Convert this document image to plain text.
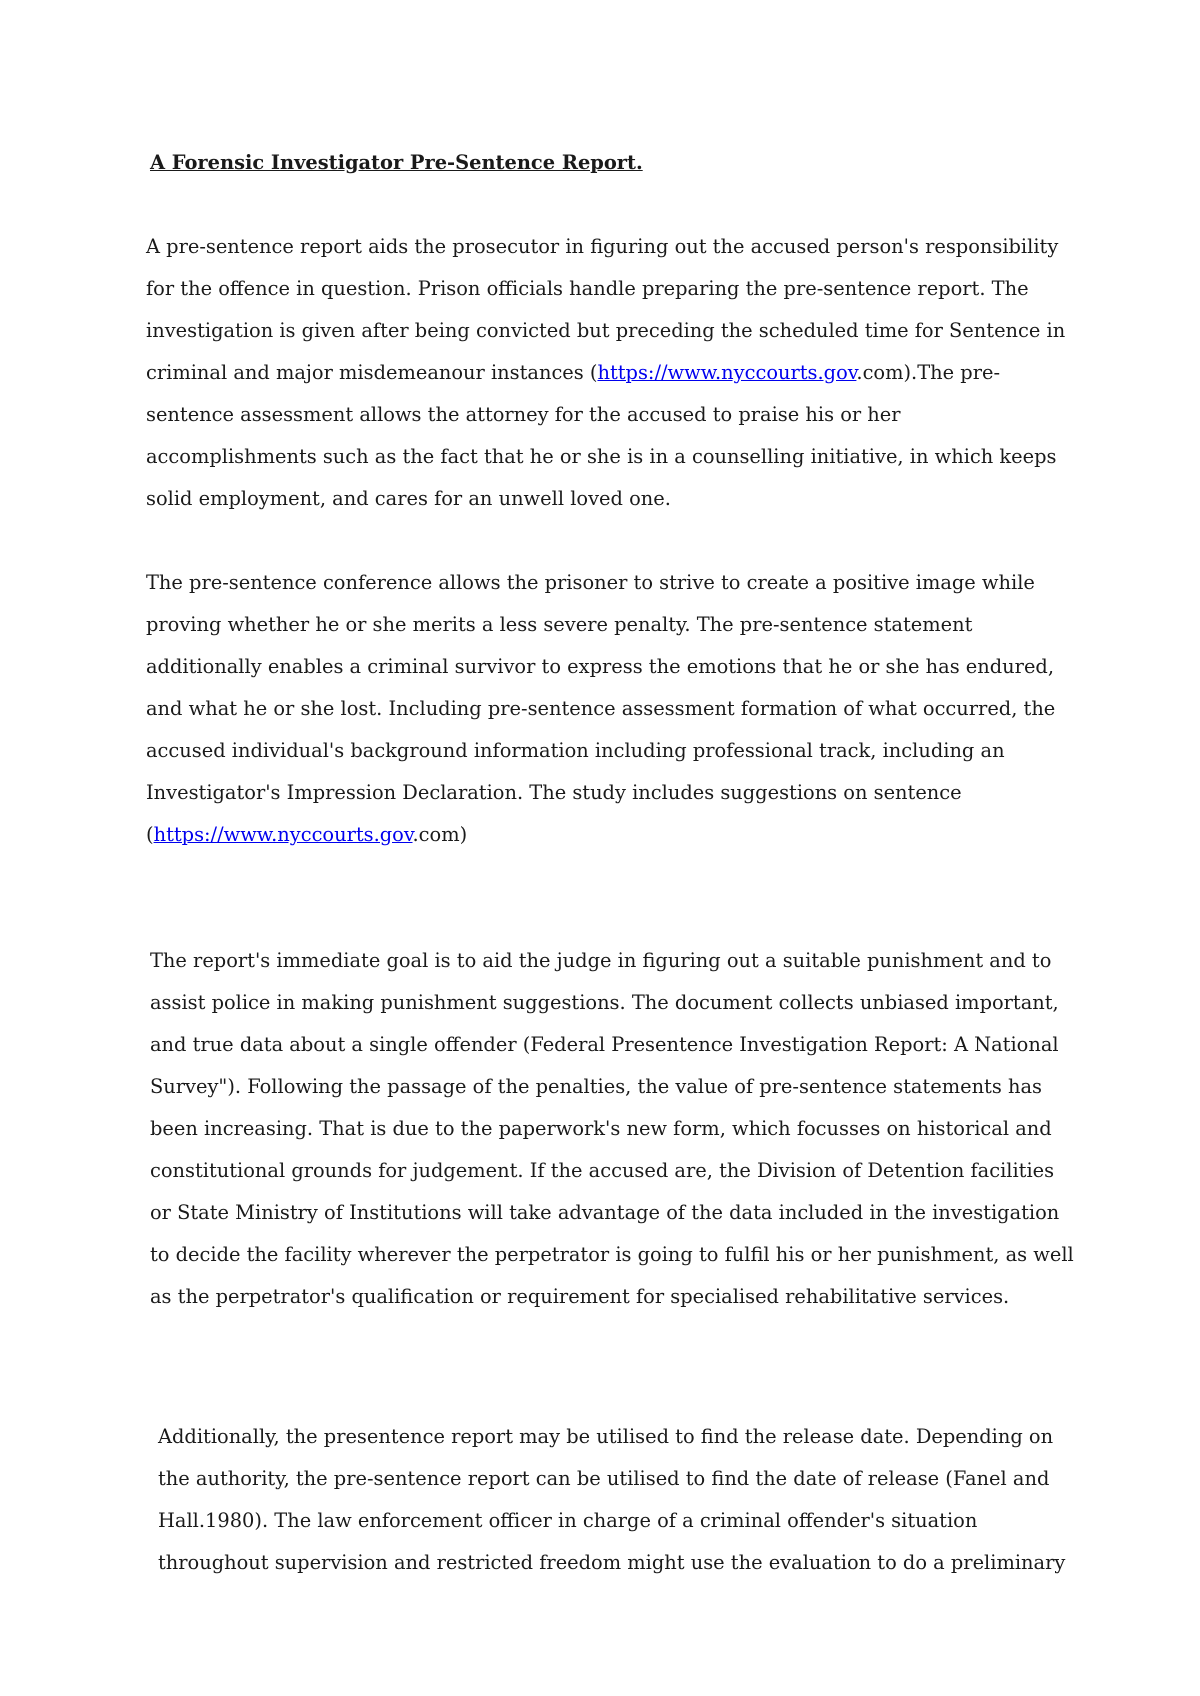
A Forensic Investigator Pre-Sentence Report.

A pre-sentence report aids the prosecutor in figuring out the accused person's responsibility for the offence in question. Prison officials handle preparing the pre-sentence report. The investigation is given after being convicted but preceding the scheduled time for Sentence in criminal and major misdemeanour instances (https://www.nyccourts.gov.com).The pre-sentence assessment allows the attorney for the accused to praise his or her accomplishments such as the fact that he or she is in a counselling initiative, in which keeps solid employment, and cares for an unwell loved one.

The pre-sentence conference allows the prisoner to strive to create a positive image while proving whether he or she merits a less severe penalty. The pre-sentence statement additionally enables a criminal survivor to express the emotions that he or she has endured, and what he or she lost. Including pre-sentence assessment formation of what occurred, the accused individual's background information including professional track, including an Investigator's Impression Declaration. The study includes suggestions on sentence (https://www.nyccourts.gov.com)

The report's immediate goal is to aid the judge in figuring out a suitable punishment and to assist police in making punishment suggestions. The document collects unbiased important, and true data about a single offender (Federal Presentence Investigation Report: A National Survey"). Following the passage of the penalties, the value of pre-sentence statements has been increasing. That is due to the paperwork's new form, which focusses on historical and constitutional grounds for judgement. If the accused are, the Division of Detention facilities or State Ministry of Institutions will take advantage of the data included in the investigation to decide the facility wherever the perpetrator is going to fulfil his or her punishment, as well as the perpetrator's qualification or requirement for specialised rehabilitative services.

Additionally, the presentence report may be utilised to find the release date. Depending on the authority, the pre-sentence report can be utilised to find the date of release (Fanel and Hall.1980). The law enforcement officer in charge of a criminal offender's situation throughout supervision and restricted freedom might use the evaluation to do a preliminary
